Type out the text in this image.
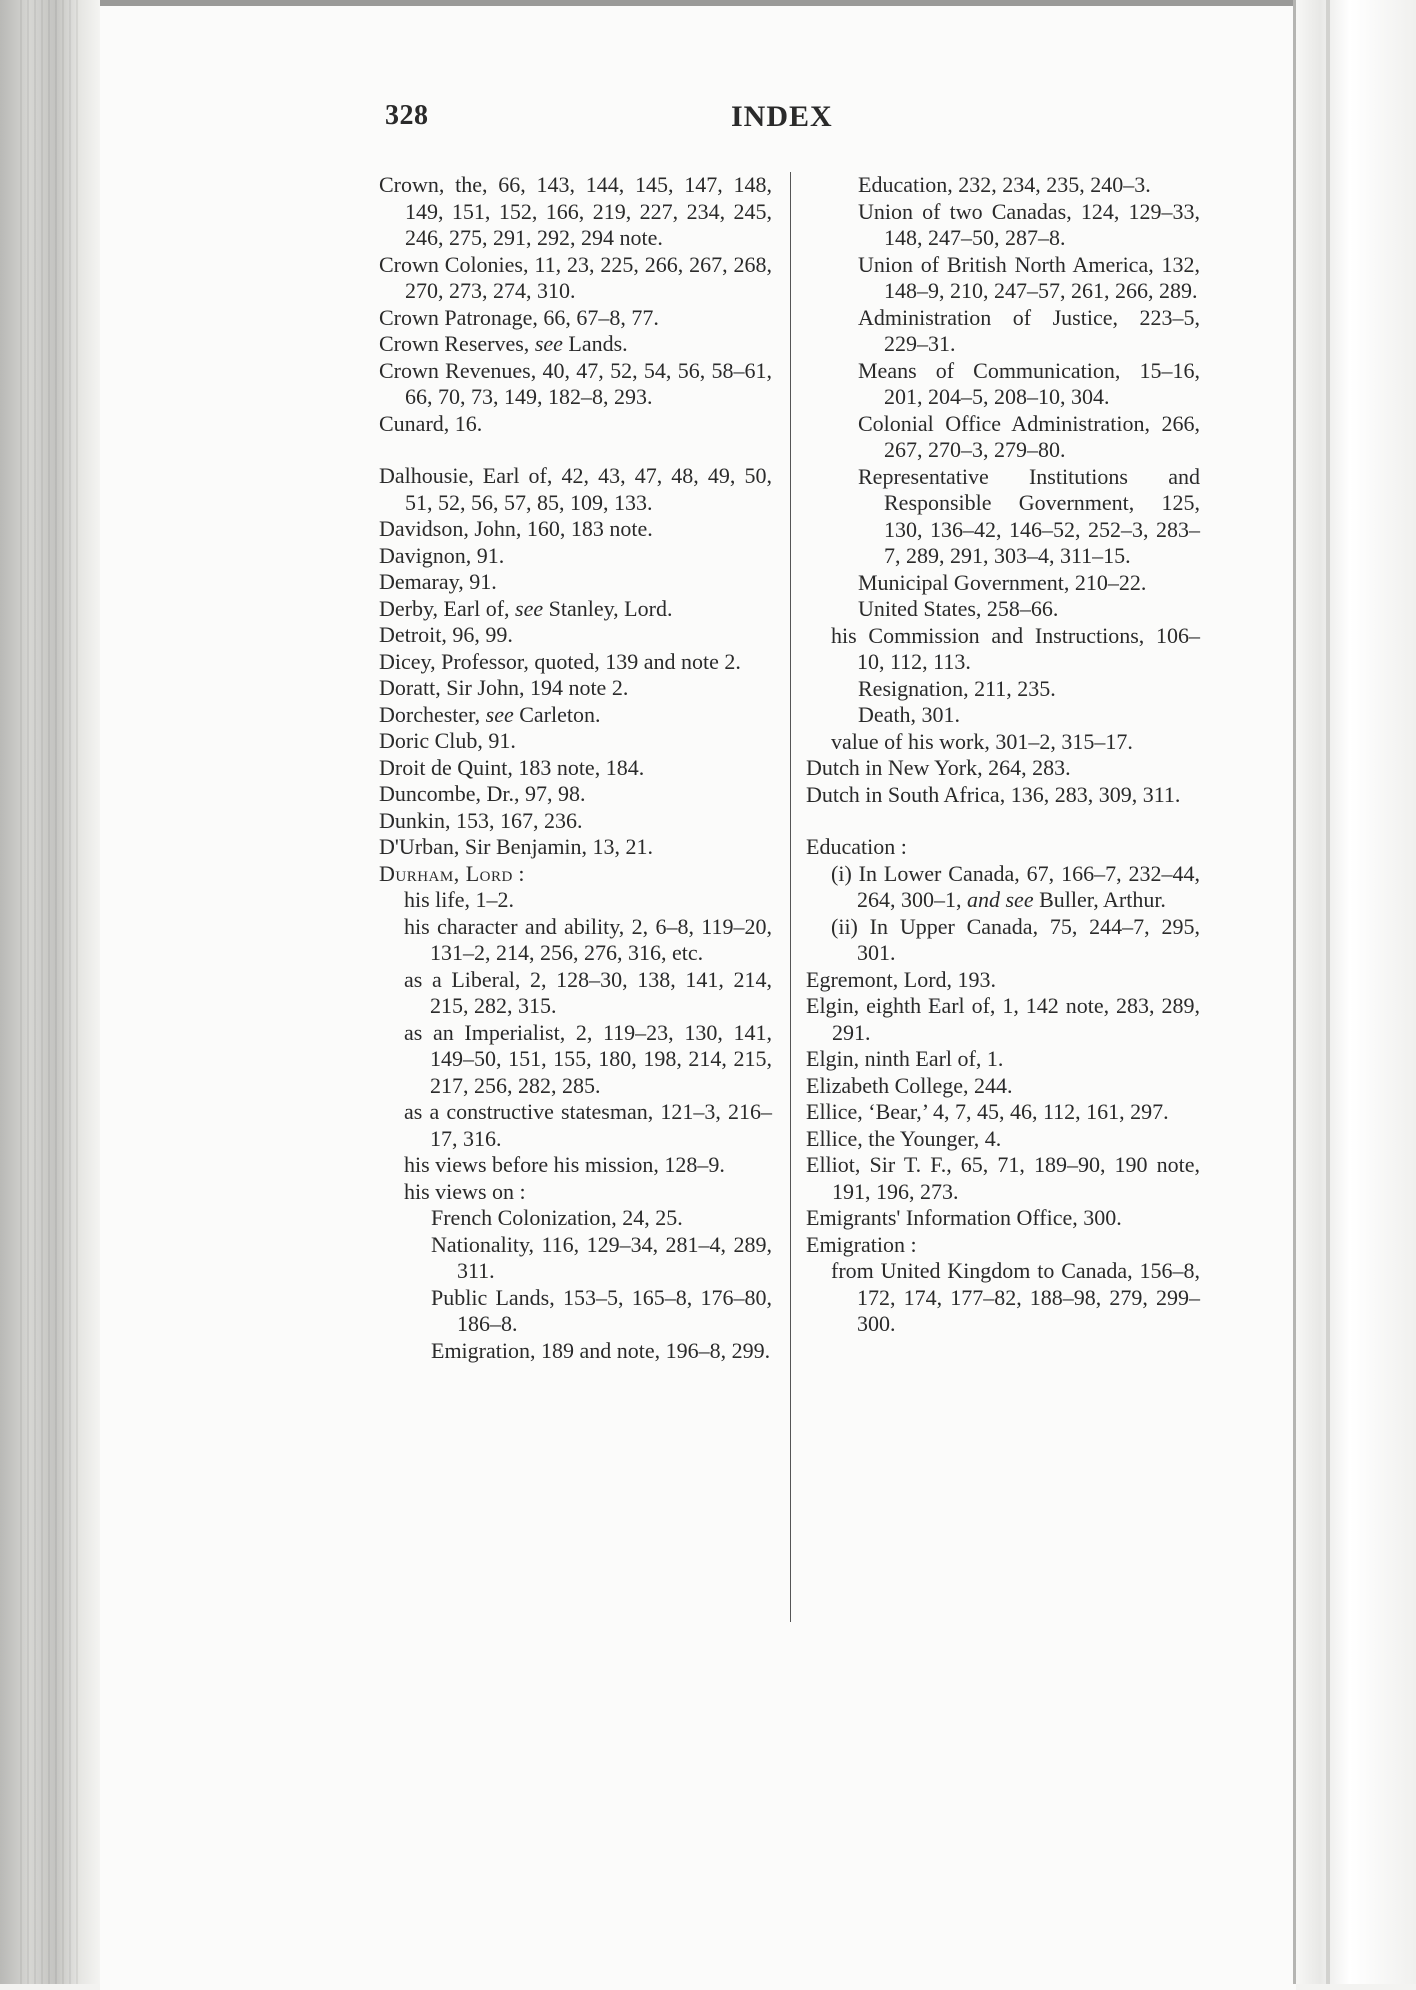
328	INDEX

Crown, the, 66, 143, 144, 145, 147, 148, 149, 151, 152, 166, 219, 227, 234, 245, 246, 275, 291, 292, 294 note.

Crown Colonies, 11, 23, 225, 266, 267, 268, 270, 273, 274, 310.

Crown Patronage, 66, 67–8, 77.

Crown Reserves, see Lands.

Crown Revenues, 40, 47, 52, 54, 56, 58–61, 66, 70, 73, 149, 182–8, 293.

Cunard, 16.

Dalhousie, Earl of, 42, 43, 47, 48, 49, 50, 51, 52, 56, 57, 85, 109, 133.

Davidson, John, 160, 183 note.

Davignon, 91.

Demaray, 91.

Derby, Earl of, see Stanley, Lord.

Detroit, 96, 99.

Dicey, Professor, quoted, 139 and note 2.

Doratt, Sir John, 194 note 2.

Dorchester, see Carleton.

Doric Club, 91.

Droit de Quint, 183 note, 184.

Duncombe, Dr., 97, 98.

Dunkin, 153, 167, 236.

D'Urban, Sir Benjamin, 13, 21.

Durham, Lord :

his life, 1–2.

his character and ability, 2, 6–8, 119–20, 131–2, 214, 256, 276, 316, etc.

as a Liberal, 2, 128–30, 138, 141, 214, 215, 282, 315.

as an Imperialist, 2, 119–23, 130, 141, 149–50, 151, 155, 180, 198, 214, 215, 217, 256, 282, 285.

as a constructive statesman, 121–3, 216–17, 316.

his views before his mission, 128–9.

his views on :

French Colonization, 24, 25.

Nationality, 116, 129–34, 281–4, 289, 311.

Public Lands, 153–5, 165–8, 176–80, 186–8.

Emigration, 189 and note, 196–8, 299.

Education, 232, 234, 235, 240–3.

Union of two Canadas, 124, 129–33, 148, 247–50, 287–8.

Union of British North America, 132, 148–9, 210, 247–57, 261, 266, 289.

Administration of Justice, 223–5, 229–31.

Means of Communication, 15–16, 201, 204–5, 208–10, 304.

Colonial Office Administration, 266, 267, 270–3, 279–80.

Representative Institutions and Responsible Government, 125, 130, 136–42, 146–52, 252–3, 283–7, 289, 291, 303–4, 311–15.

Municipal Government, 210–22.

United States, 258–66.

his Commission and Instructions, 106–10, 112, 113.

Resignation, 211, 235.

Death, 301.

value of his work, 301–2, 315–17.

Dutch in New York, 264, 283.

Dutch in South Africa, 136, 283, 309, 311.

Education :

(i) In Lower Canada, 67, 166–7, 232–44, 264, 300–1, and see Buller, Arthur.

(ii) In Upper Canada, 75, 244–7, 295, 301.

Egremont, Lord, 193.

Elgin, eighth Earl of, 1, 142 note, 283, 289, 291.

Elgin, ninth Earl of, 1.

Elizabeth College, 244.

Ellice, ‘Bear,’ 4, 7, 45, 46, 112, 161, 297.

Ellice, the Younger, 4.

Elliot, Sir T. F., 65, 71, 189–90, 190 note, 191, 196, 273.

Emigrants' Information Office, 300.

Emigration :

from United Kingdom to Canada, 156–8, 172, 174, 177–82, 188–98, 279, 299–300.
